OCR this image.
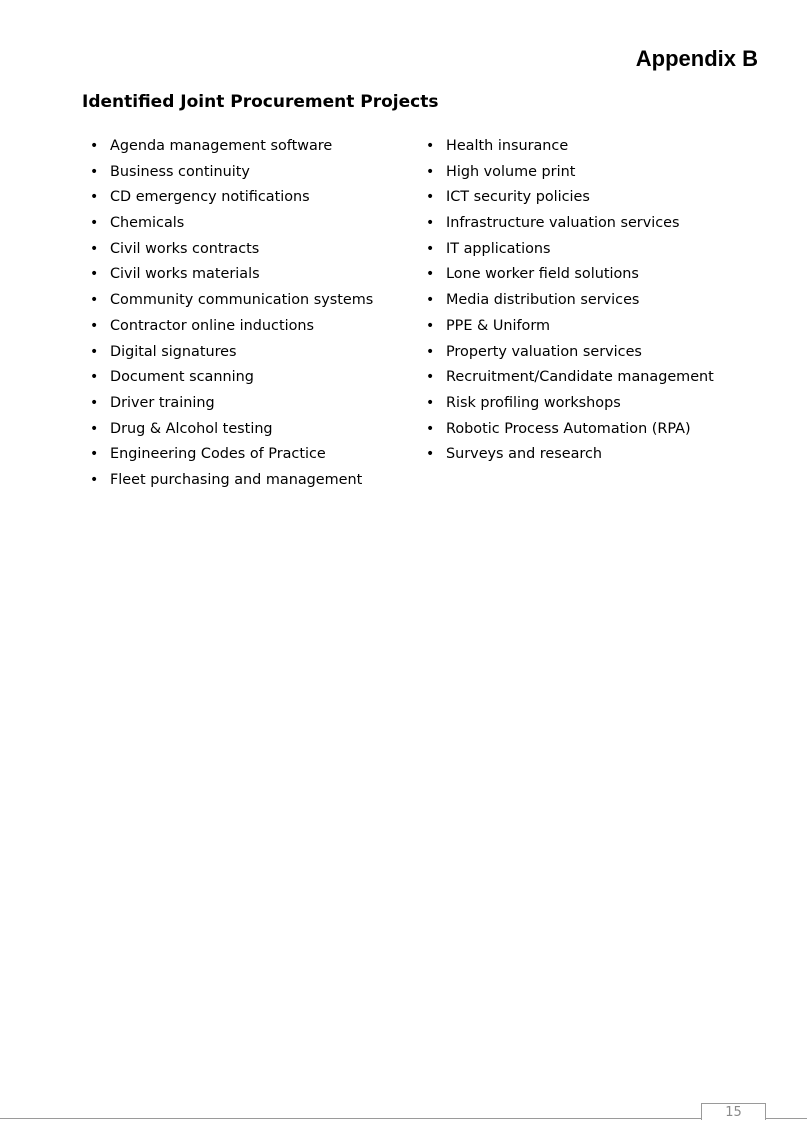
Appendix B
Identified Joint Procurement Projects
• Agenda management software
• Business continuity
• CD emergency notifications
• Chemicals
• Civil works contracts
• Civil works materials
• Community communication systems
• Contractor online inductions
• Digital signatures
• Document scanning
• Driver training
• Drug & Alcohol testing
• Engineering Codes of Practice
• Fleet purchasing and management
• Health insurance
• High volume print
• ICT security policies
• Infrastructure valuation services
• IT applications
• Lone worker field solutions
• Media distribution services
• PPE & Uniform
• Property valuation services
• Recruitment/Candidate management
• Risk profiling workshops
• Robotic Process Automation (RPA)
• Surveys and research
15
